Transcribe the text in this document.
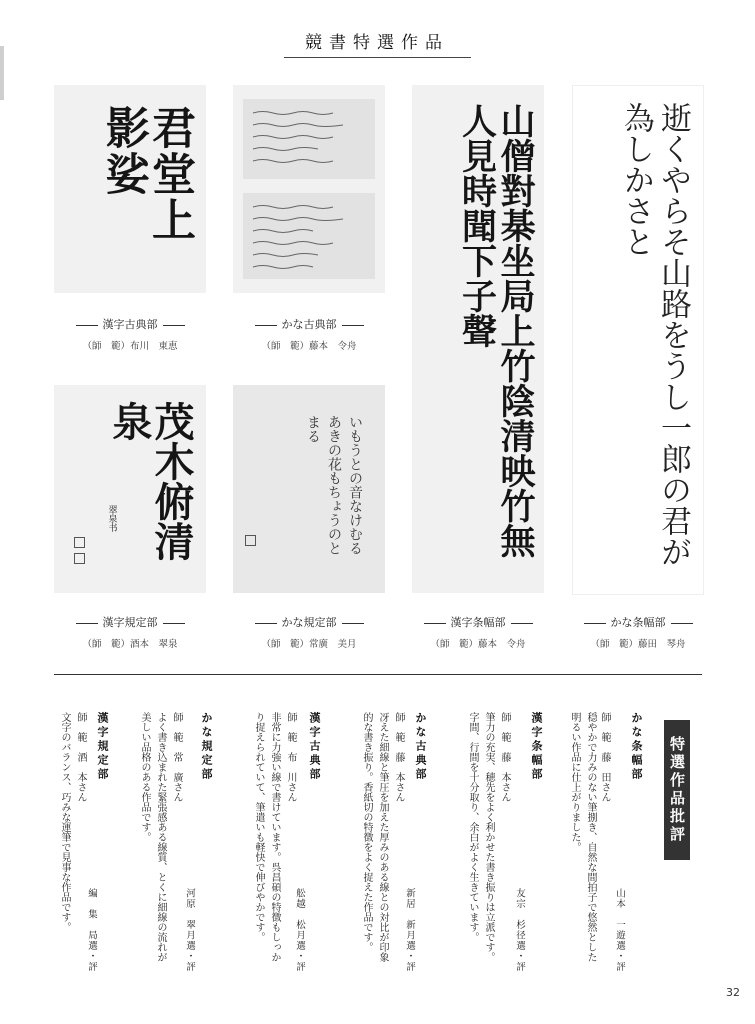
競書特選作品
君堂上影娑
漢字古典部
（師　範）布川　東恵
かな古典部
（師　範）藤本　令舟	山僧對棊坐局上竹陰清映竹無人見時聞下子聲
漢字条幅部
（師　範）藤本　令舟
逝くやらそ山路をうし一郎の君が為しかさと
かな条幅部
（師　範）藤田　琴舟
茂木俯清泉
翠泉书
漢字規定部
（師　範）酒本　翠泉
いもうとの音なけむるあきの花もちょうのとまる
かな規定部
（師　範）常廣　美月
特選作品批評
かな条幅部
師　範　藤　田さん
穏やかで力みのない筆捌き、自然な間拍子で悠然とした明るい作品に仕上がりました。
山本　一遊選・評
漢字条幅部
師　範　藤　本さん
筆力の充実、穂先をよく利かせた書き振りは立派です。字間、行間を十分取り、余白がよく生きています。	友宗　杉径選・評
かな古典部
師　範　藤　本さん
冴えた細線と筆圧を加えた厚みのある線との対比が印象的な書き振り。香紙切の特徴をよく捉えた作品です。	新居　新月選・評
漢字古典部
師　範　布　川さん
非常に力強い線で書けています。呉昌碩の特徴もしっかり捉えられていて、筆遣いも軽快で伸びやかです。	舩越　松月選・評
かな規定部
師　範　常　廣さん
よく書き込まれた緊張感ある線質、とくに細線の流れが美しい品格のある作品です。
河原　翠月選・評
漢字規定部
師　範　酒　本さん
文字のバランス、巧みな運筆で見事な作品です。 編　集　局選・評
32
